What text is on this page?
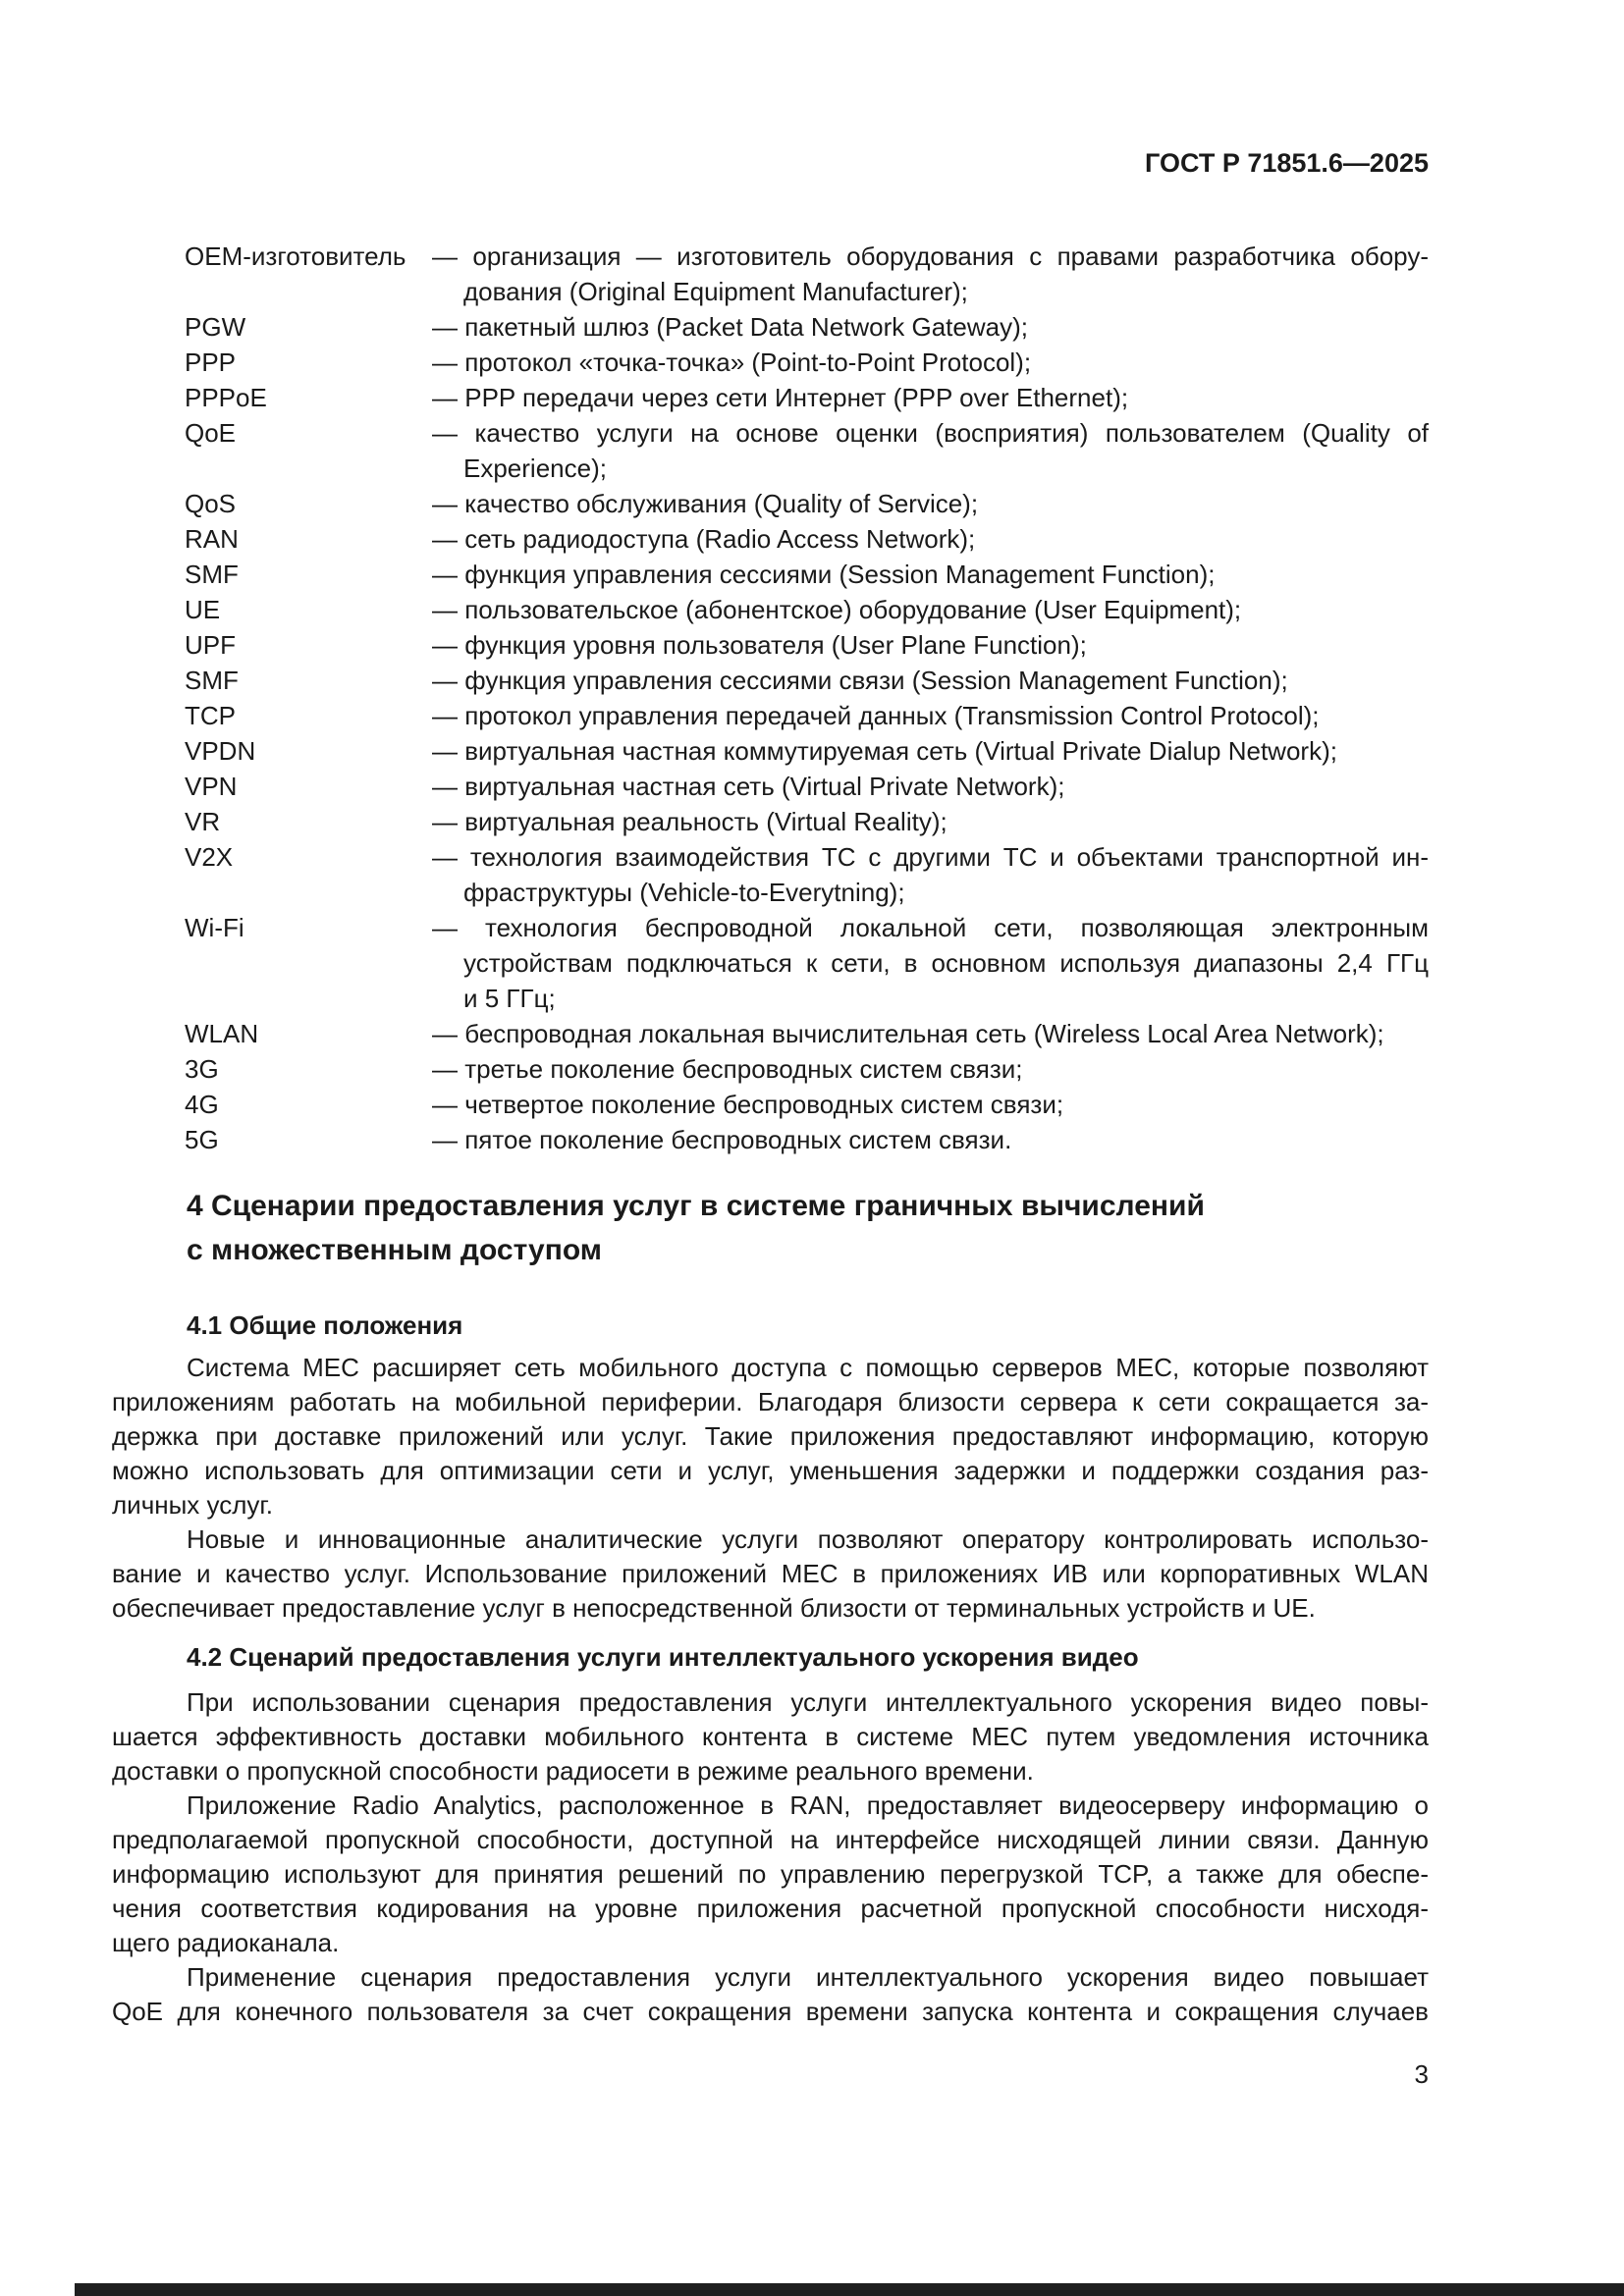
ГОСТ Р 71851.6—2025
ОЕМ-изготовитель	— организация — изготовитель оборудования с правами разработчика обору-
дования (Original Equipment Manufacturer);
PGW	— пакетный шлюз (Packet Data Network Gateway);
PPP	— протокол «точка-точка» (Point-to-Point Protocol);
PPPoE	— PPP передачи через сети Интернет (PPP over Ethernet);
QoE	— качество услуги на основе оценки (восприятия) пользователем (Quality of
Experience);
QoS	— качество обслуживания (Quality of Service);
RAN	— сеть радиодоступа (Radio Access Network);
SMF	— функция управления сессиями (Session Management Function);
UE	— пользовательское (абонентское) оборудование (User Equipment);
UPF	— функция уровня пользователя (User Plane Function);
SMF	— функция управления сессиями связи (Session Management Function);
TCP	— протокол управления передачей данных (Transmission Control Protocol);
VPDN	— виртуальная частная коммутируемая сеть (Virtual Private Dialup Network);
VPN	— виртуальная частная сеть (Virtual Private Network);
VR	— виртуальная реальность (Virtual Reality);
V2X	— технология взаимодействия ТС с другими ТС и объектами транспортной ин-
фраструктуры (Vehicle-to-Everytning);
Wi-Fi	— технология беспроводной локальной сети, позволяющая электронным
устройствам подключаться к сети, в основном используя диапазоны 2,4 ГГц
и 5 ГГц;
WLAN	— беспроводная локальная вычислительная сеть (Wireless Local Area Network);
3G	— третье поколение беспроводных систем связи;
4G	— четвертое поколение беспроводных систем связи;
5G	— пятое поколение беспроводных систем связи.
4 Сценарии предоставления услуг в системе граничных вычислений
с множественным доступом
4.1 Общие положения
Система MEC расширяет сеть мобильного доступа с помощью серверов MEC, которые позволяют
приложениям работать на мобильной периферии. Благодаря близости сервера к сети сокращается за-
держка при доставке приложений или услуг. Такие приложения предоставляют информацию, которую
можно использовать для оптимизации сети и услуг, уменьшения задержки и поддержки создания раз-
личных услуг.
Новые и инновационные аналитические услуги позволяют оператору контролировать использо-
вание и качество услуг. Использование приложений MEC в приложениях ИВ или корпоративных WLAN
обеспечивает предоставление услуг в непосредственной близости от терминальных устройств и UE.
4.2 Сценарий предоставления услуги интеллектуального ускорения видео
При использовании сценария предоставления услуги интеллектуального ускорения видео повы-
шается эффективность доставки мобильного контента в системе MEC путем уведомления источника
доставки о пропускной способности радиосети в режиме реального времени.
Приложение Radio Analytics, расположенное в RAN, предоставляет видеосерверу информацию о
предполагаемой пропускной способности, доступной на интерфейсе нисходящей линии связи. Данную
информацию используют для принятия решений по управлению перегрузкой TCP, а также для обеспе-
чения соответствия кодирования на уровне приложения расчетной пропускной способности нисходя-
щего радиоканала.
Применение сценария предоставления услуги интеллектуального ускорения видео повышает
QoE для конечного пользователя за счет сокращения времени запуска контента и сокращения случаев
3
